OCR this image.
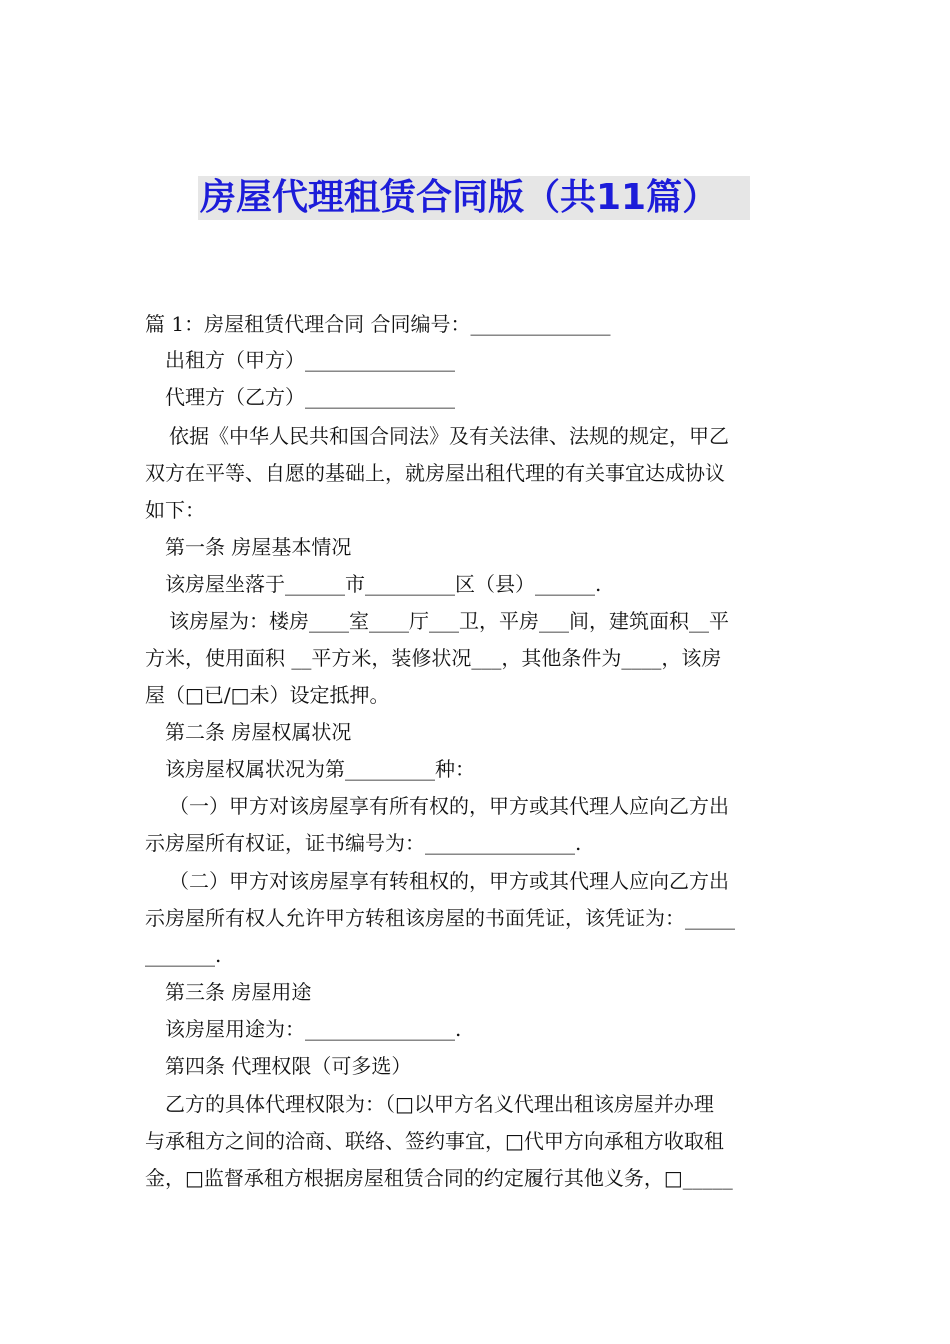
房屋代理租赁合同版（共11篇）
篇 1：房屋租赁代理合同 合同编号：______________
出租方（甲方）_______________
代理方（乙方）_______________
依据《中华人民共和国合同法》及有关法律、法规的规定，甲乙
双方在平等、自愿的基础上，就房屋出租代理的有关事宜达成协议
如下：
第一条 房屋基本情况
该房屋坐落于______市_________区（县）______.
该房屋为：楼房____室____厅___卫，平房___间，建筑面积__平
方米，使用面积 __平方米，装修状况___，其他条件为____，该房
屋（□已/□未）设定抵押。
第二条 房屋权属状况
该房屋权属状况为第_________种：
（一）甲方对该房屋享有所有权的，甲方或其代理人应向乙方出
示房屋所有权证，证书编号为：_______________.
（二）甲方对该房屋享有转租权的，甲方或其代理人应向乙方出
示房屋所有权人允许甲方转租该房屋的书面凭证，该凭证为：_____
_______.
第三条 房屋用途
该房屋用途为：_______________.
第四条 代理权限（可多选）
乙方的具体代理权限为：（□以甲方名义代理出租该房屋并办理
与承租方之间的洽商、联络、签约事宜，□代甲方向承租方收取租
金，□监督承租方根据房屋租赁合同的约定履行其他义务，□_____
